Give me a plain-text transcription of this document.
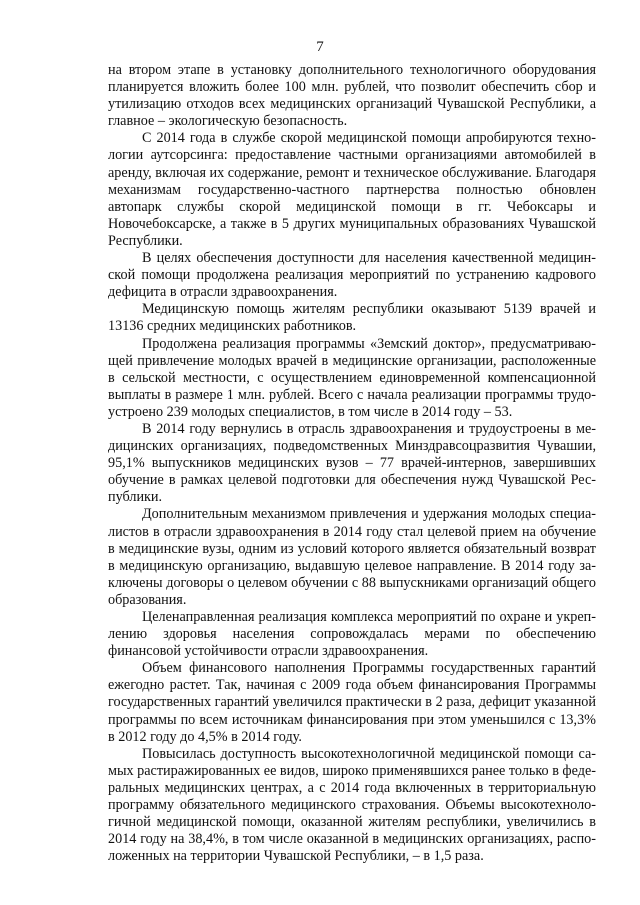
7

на втором этапе в установку дополнительного технологичного оборудования планируется вложить более 100 млн. рублей, что позволит обеспечить сбор и утилизацию отходов всех медицинских организаций Чувашской Республики, а главное – экологическую безопасность.

С 2014 года в службе скорой медицинской помощи апробируются технологии аутсорсинга: предоставление частными организациями автомобилей в аренду, включая их содержание, ремонт и техническое обслуживание. Благодаря механизмам государственно-частного партнерства полностью обновлен автопарк службы скорой медицинской помощи в гг. Чебоксары и Новочебоксарске, а также в 5 других муниципальных образованиях Чувашской Республики.

В целях обеспечения доступности для населения качественной медицинской помощи продолжена реализация мероприятий по устранению кадрового дефицита в отрасли здравоохранения.

Медицинскую помощь жителям республики оказывают 5139 врачей и 13136 средних медицинских работников.

Продолжена реализация программы «Земский доктор», предусматривающей привлечение молодых врачей в медицинские организации, расположенные в сельской местности, с осуществлением единовременной компенсационной выплаты в размере 1 млн. рублей. Всего с начала реализации программы трудоустроено 239 молодых специалистов, в том числе в 2014 году – 53.

В 2014 году вернулись в отрасль здравоохранения и трудоустроены в медицинских организациях, подведомственных Минздравсоцразвития Чувашии, 95,1% выпускников медицинских вузов – 77 врачей-интернов, завершивших обучение в рамках целевой подготовки для обеспечения нужд Чувашской Республики.

Дополнительным механизмом привлечения и удержания молодых специалистов в отрасли здравоохранения в 2014 году стал целевой прием на обучение в медицинские вузы, одним из условий которого является обязательный возврат в медицинскую организацию, выдавшую целевое направление. В 2014 году заключены договоры о целевом обучении с 88 выпускниками организаций общего образования.

Целенаправленная реализация комплекса мероприятий по охране и укреплению здоровья населения сопровождалась мерами по обеспечению финансовой устойчивости отрасли здравоохранения.

Объем финансового наполнения Программы государственных гарантий ежегодно растет. Так, начиная с 2009 года объем финансирования Программы государственных гарантий увеличился практически в 2 раза, дефицит указанной программы по всем источникам финансирования при этом уменьшился с 13,3% в 2012 году до 4,5% в 2014 году.

Повысилась доступность высокотехнологичной медицинской помощи самых растиражированных ее видов, широко применявшихся ранее только в федеральных медицинских центрах, а с 2014 года включенных в территориальную программу обязательного медицинского страхования. Объемы высокотехнологичной медицинской помощи, оказанной жителям республики, увеличились в 2014 году на 38,4%, в том числе оказанной в медицинских организациях, расположенных на территории Чувашской Республики, – в 1,5 раза.
